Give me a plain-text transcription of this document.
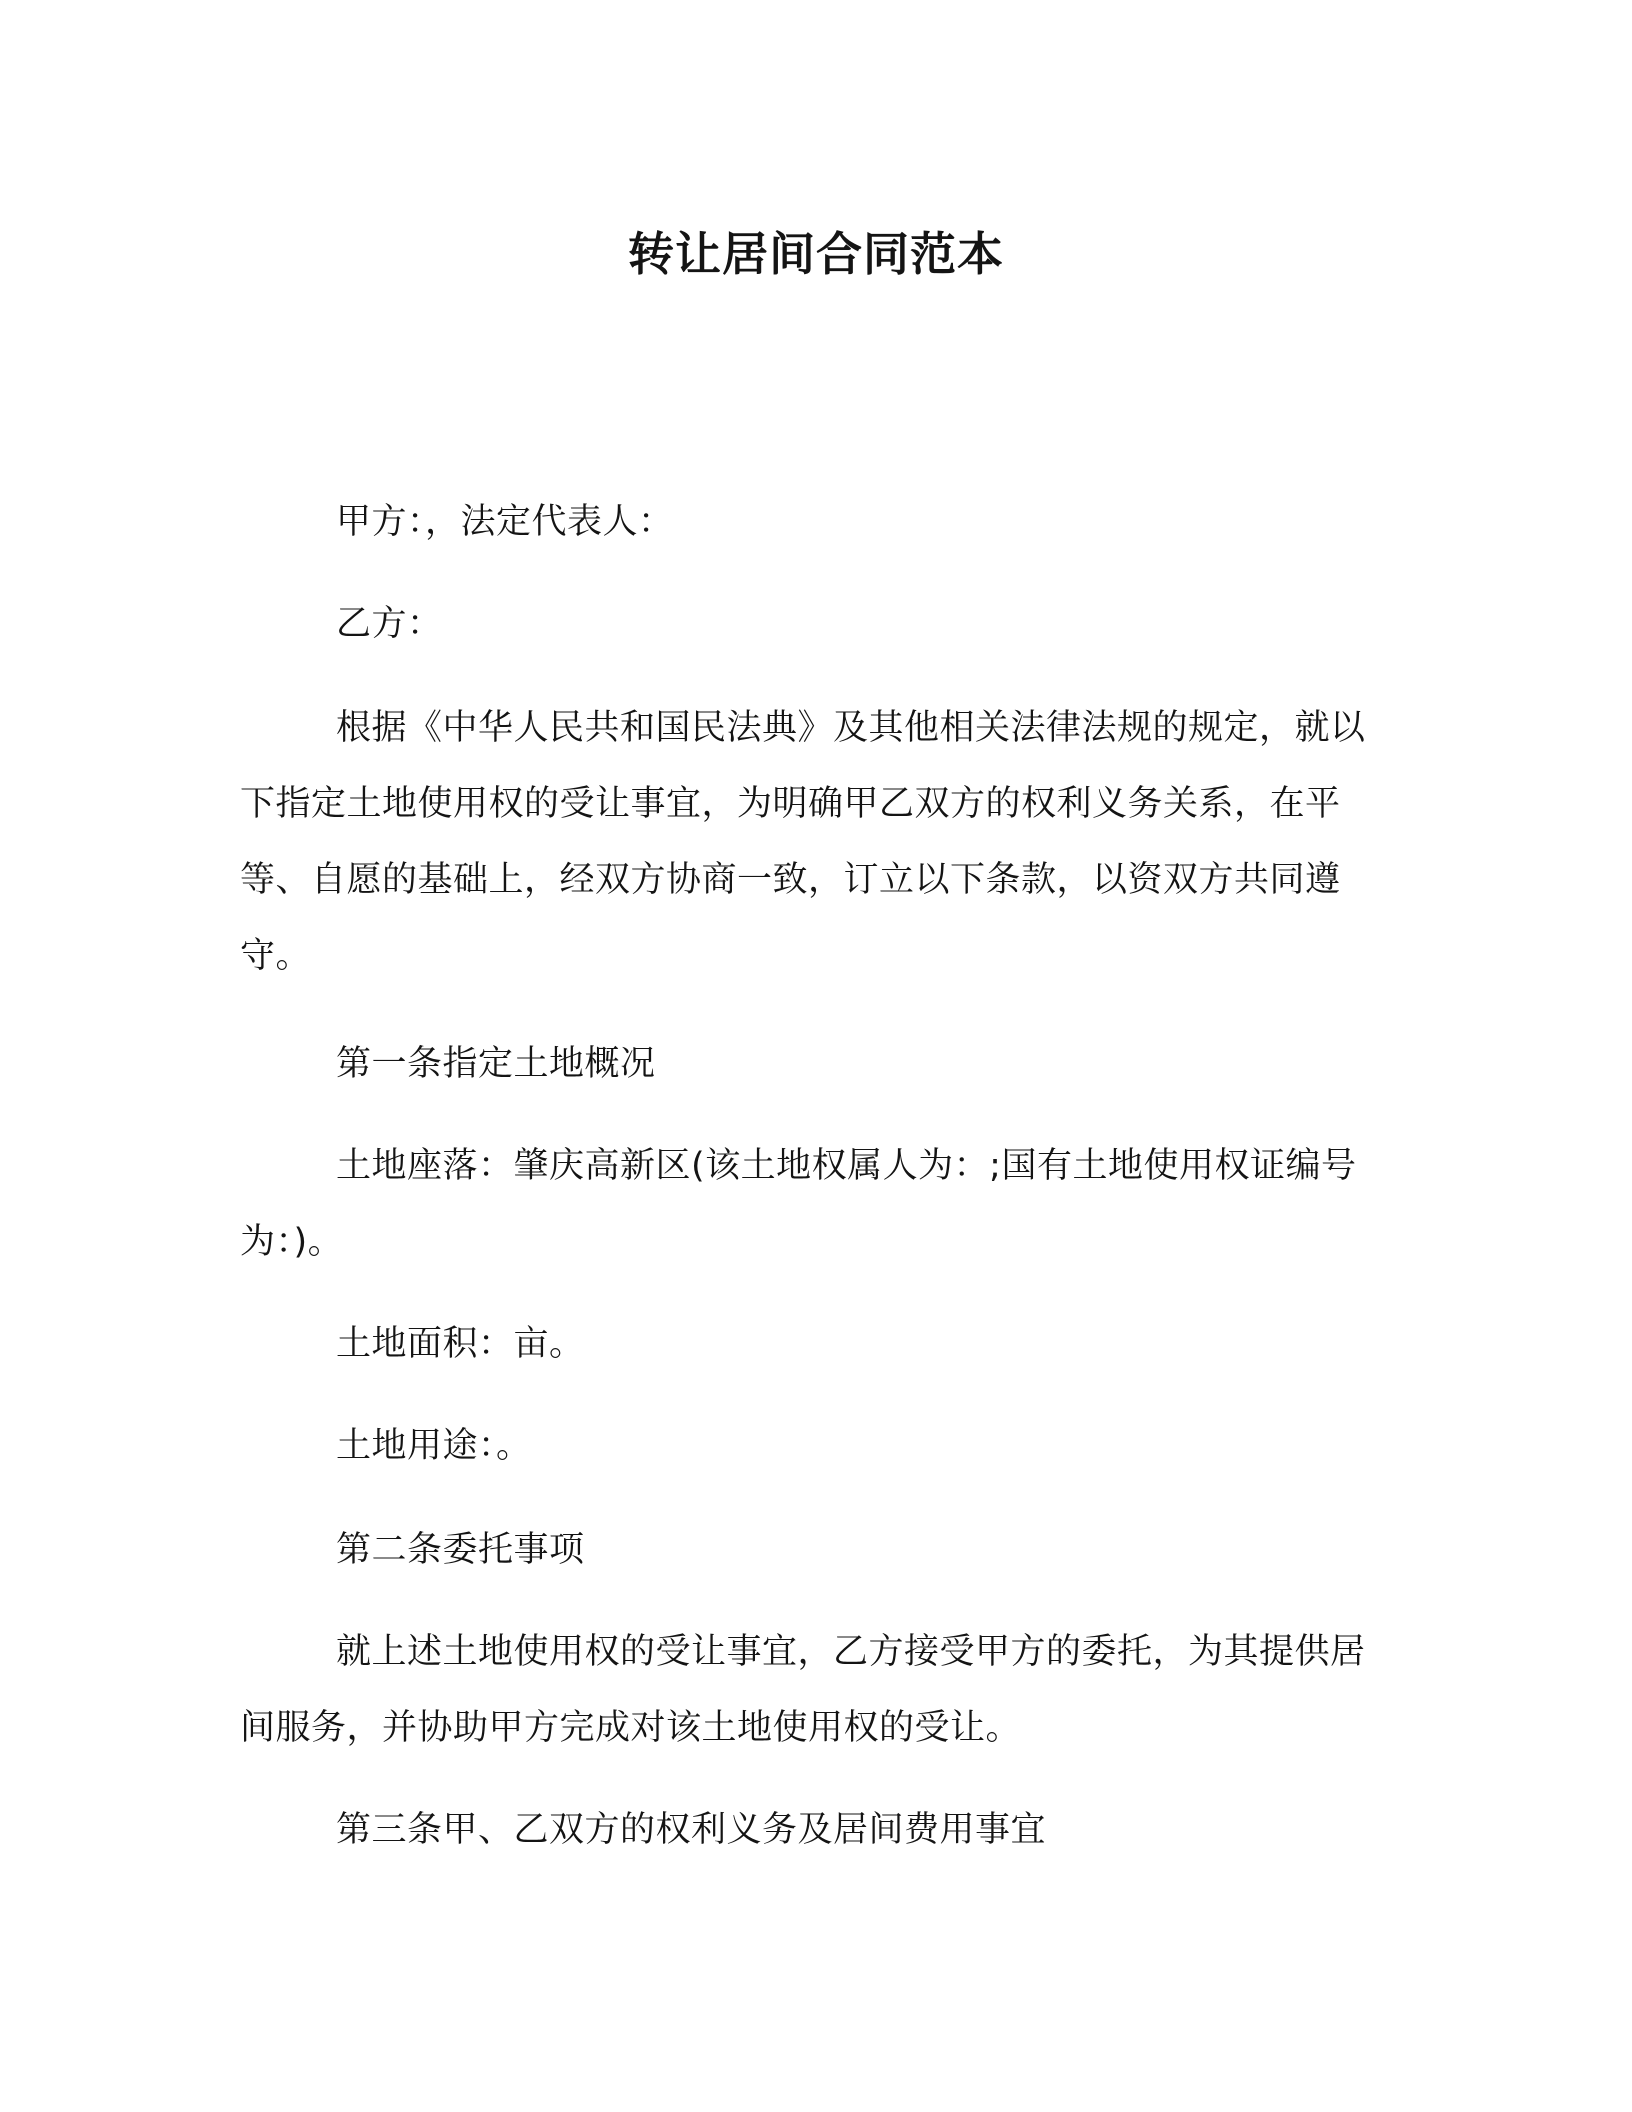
转让居间合同范本

甲方：，法定代表人：

乙方：

根据《中华人民共和国民法典》及其他相关法律法规的规定，就以下指定土地使用权的受让事宜，为明确甲乙双方的权利义务关系，在平等、自愿的基础上，经双方协商一致，订立以下条款，以资双方共同遵守。

第一条指定土地概况

土地座落：肇庆高新区(该土地权属人为：;国有土地使用权证编号为：)。

土地面积：亩。

土地用途：。

第二条委托事项

就上述土地使用权的受让事宜，乙方接受甲方的委托，为其提供居间服务，并协助甲方完成对该土地使用权的受让。

第三条甲、乙双方的权利义务及居间费用事宜
